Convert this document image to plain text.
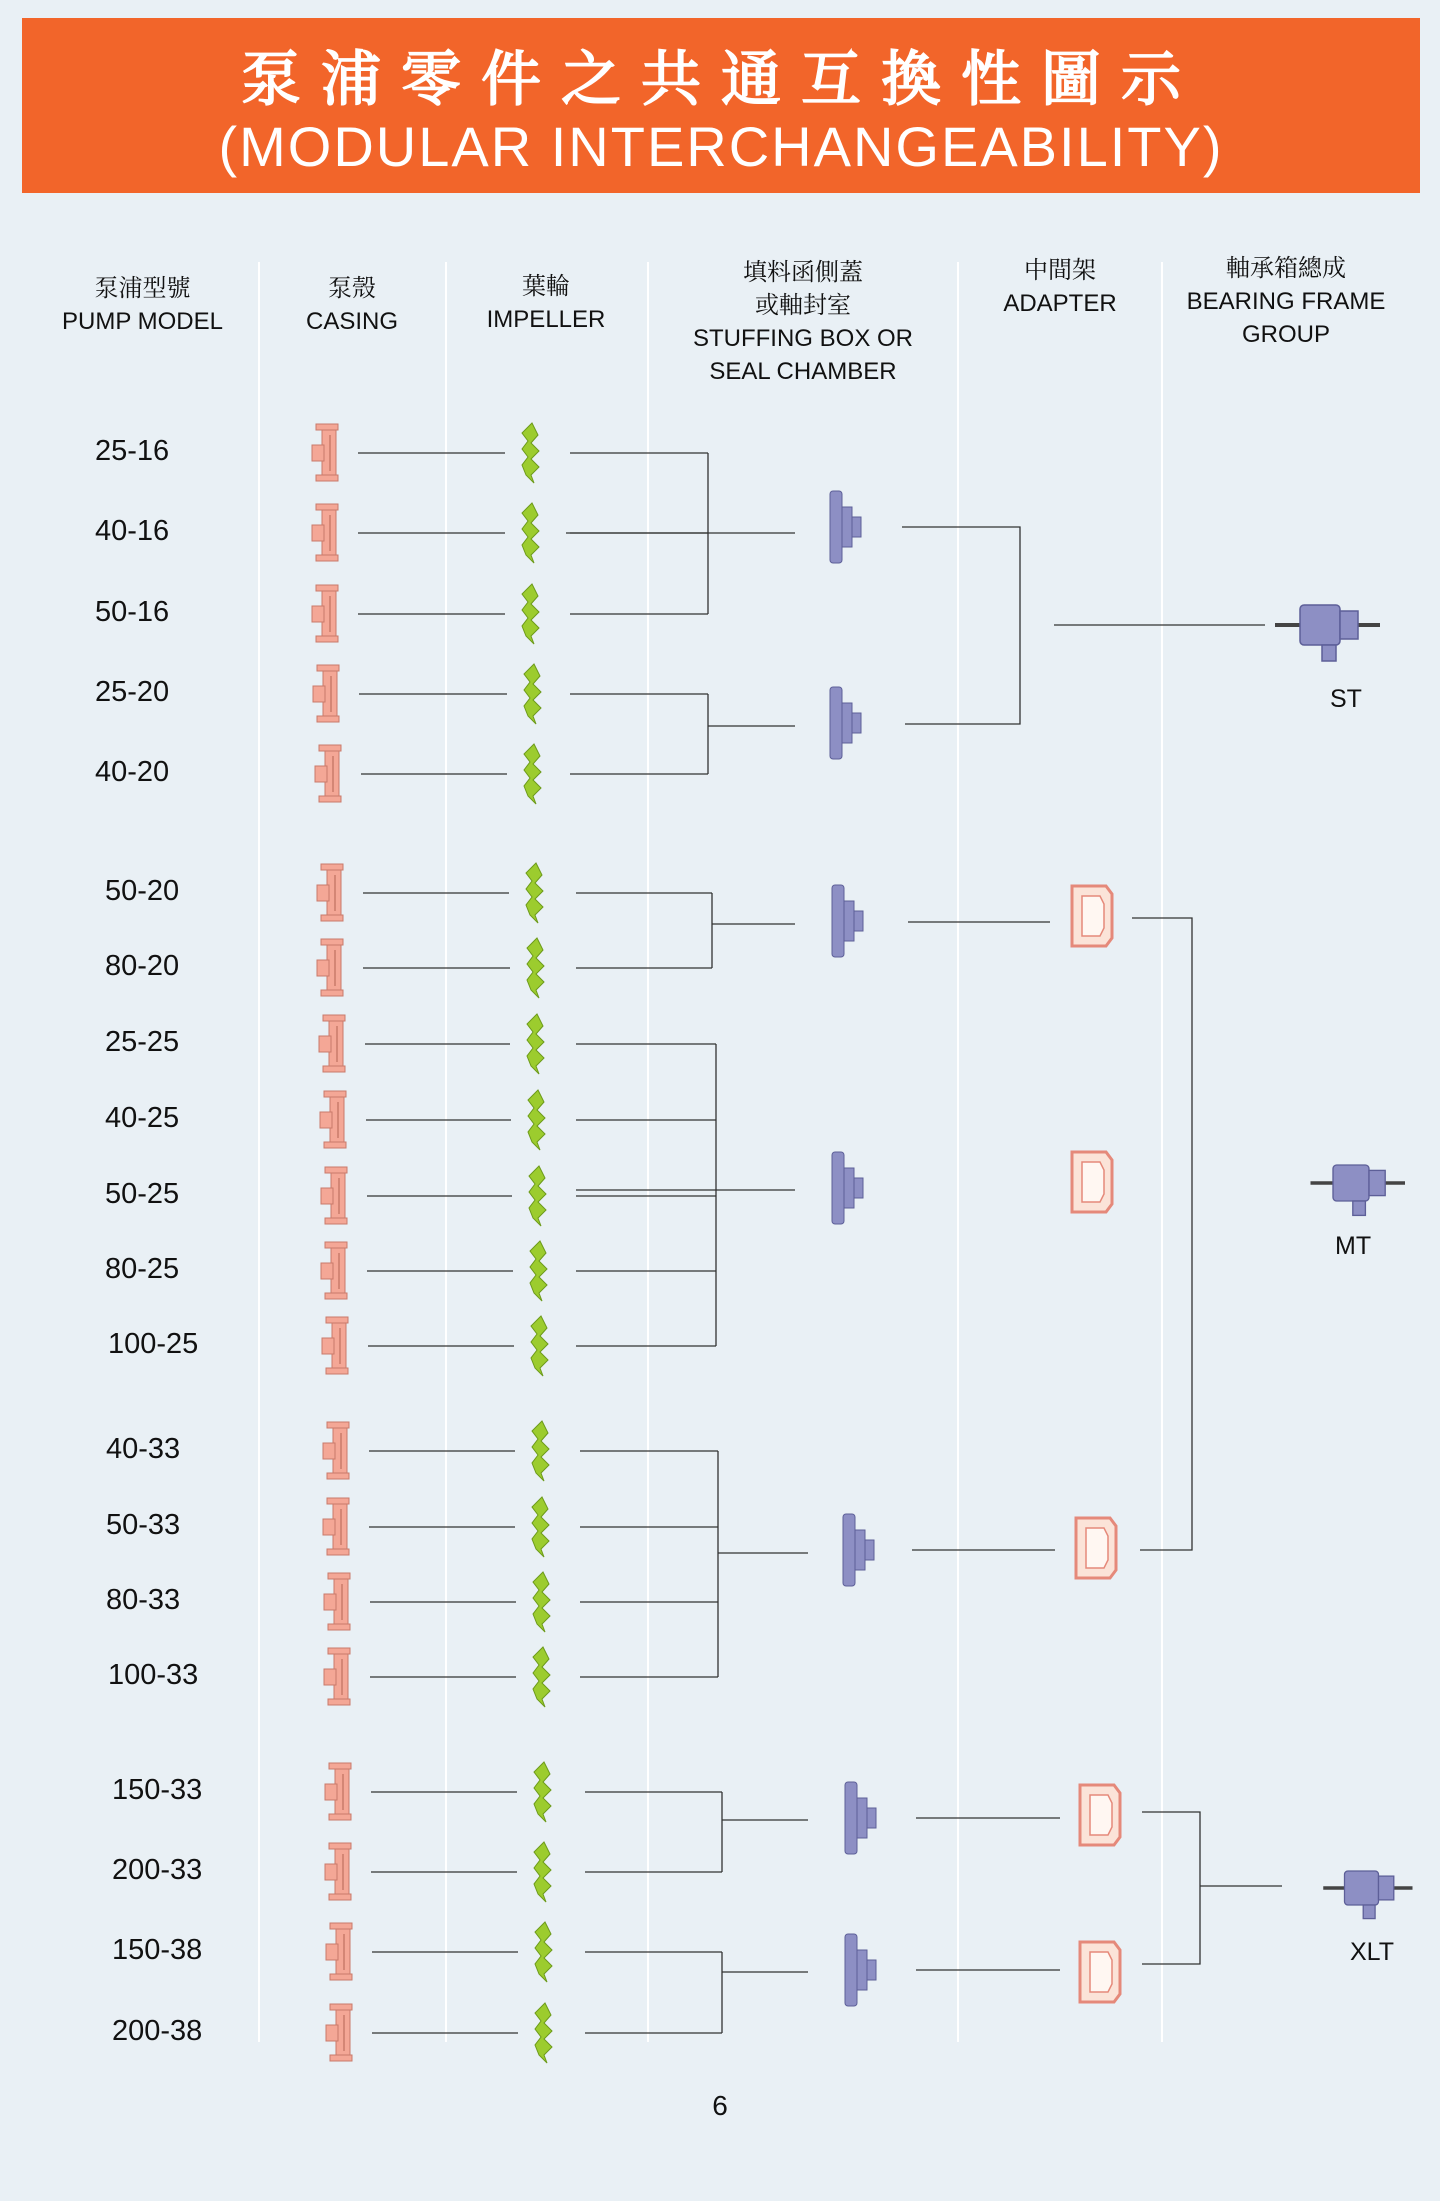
泵浦零件之共通互換性圖示
(MODULAR INTERCHANGEABILITY)
泵浦型號
PUMP MODEL
泵殼
CASING
葉輪
IMPELLER
填料函側蓋
或軸封室
STUFFING BOX OR
SEAL CHAMBER
中間架
ADAPTER
軸承箱總成
BEARING FRAME
GROUP
25-16
40-16
50-16
25-20
40-20
50-20
80-20
25-25
40-25
50-25
80-25
100-25
40-33
50-33
80-33
100-33
150-33
200-33
150-38
200-38
ST
MT
XLT
6
